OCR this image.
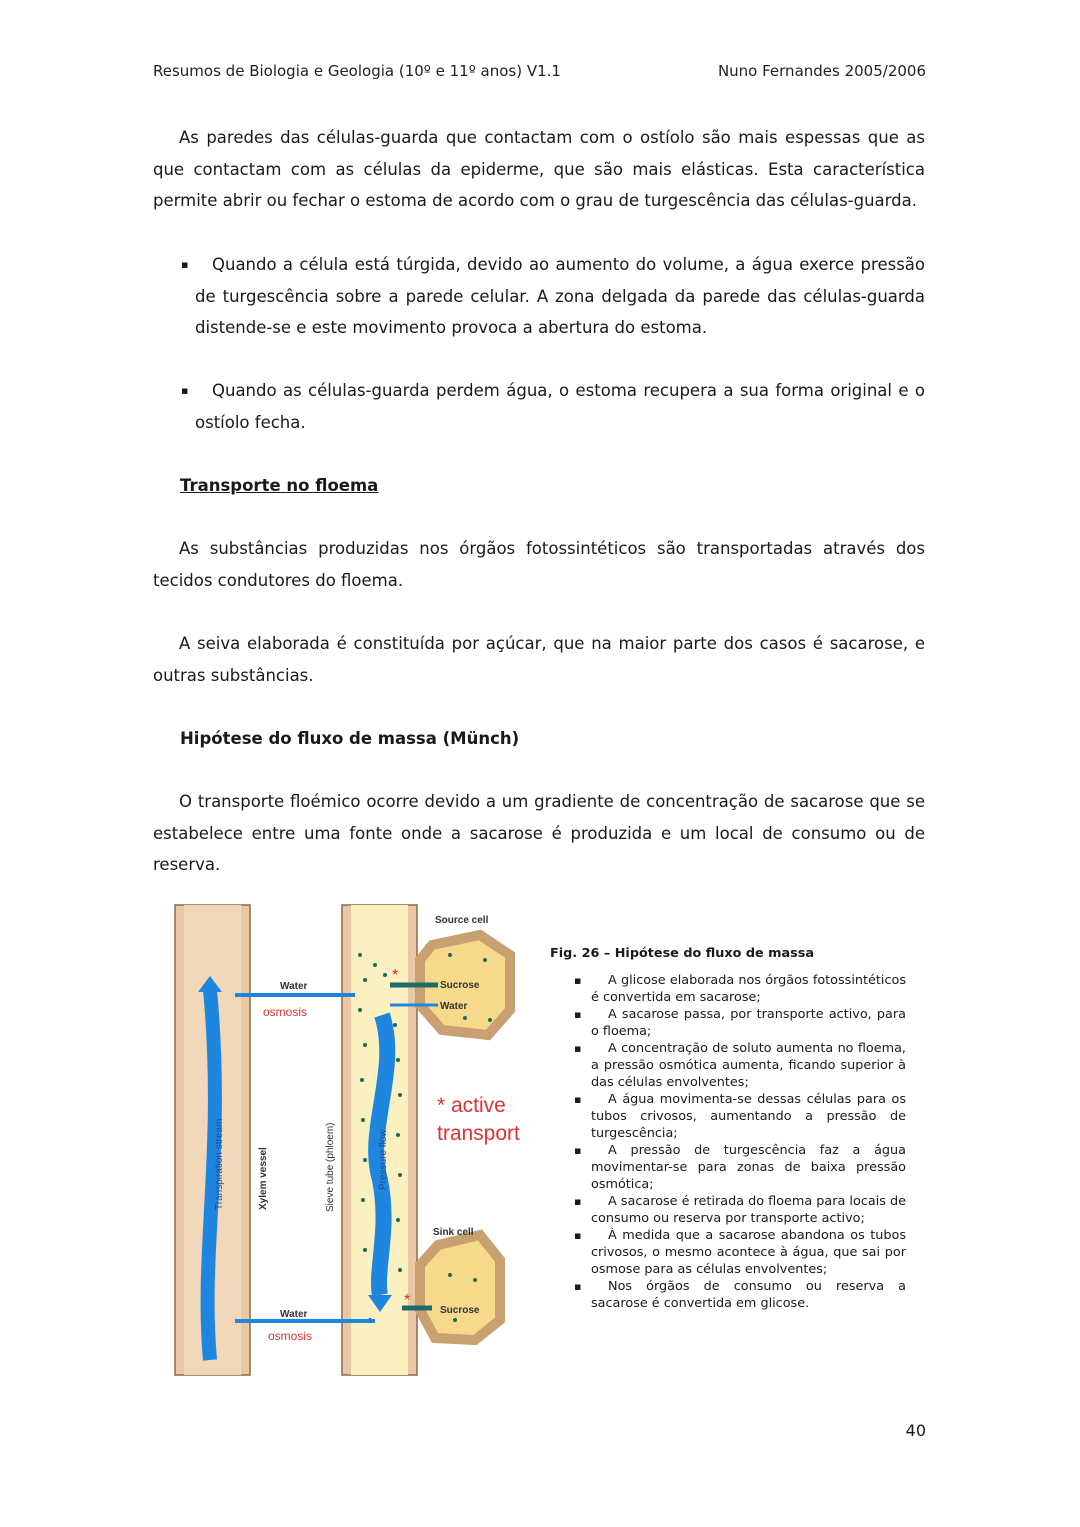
Resumos de Biologia e Geologia (10º e 11º anos) V1.1	Nuno Fernandes 2005/2006
As paredes das células-guarda que contactam com o ostíolo são mais espessas que as que contactam com as células da epiderme, que são mais elásticas. Esta característica permite abrir ou fechar o estoma de acordo com o grau de turgescência das células-guarda.
▪	Quando a célula está túrgida, devido ao aumento do volume, a água exerce pressão de turgescência sobre a parede celular. A zona delgada da parede das células-guarda distende-se e este movimento provoca a abertura do estoma.

▪	Quando as células-guarda perdem água, o estoma recupera a sua forma original e o ostíolo fecha.

Transporte no floema
As substâncias produzidas nos órgãos fotossintéticos são transportadas através dos tecidos condutores do floema.
A seiva elaborada é constituída por açúcar, que na maior parte dos casos é sacarose, e outras substâncias.
Hipótese do fluxo de massa (Münch)
O transporte floémico ocorre devido a um gradiente de concentração de sacarose que se estabelece entre uma fonte onde a sacarose é produzida e um local de consumo ou de reserva.
Source cell
Sink cell
Water
osmosis
Sucrose
Water
* active
transport
Water
osmosis
Sucrose
Xylem vessel	Sieve tube (phloem)
Transpiration stream	Pressure flow
*
*
Fig. 26 – Hipótese do fluxo de massa
▪ A glicose elaborada nos órgãos fotossintéticos é convertida em sacarose;
▪ A sacarose passa, por transporte activo, para o floema;
▪ A concentração de soluto aumenta no floema, a pressão osmótica aumenta, ficando superior à das células envolventes;
▪ A água movimenta-se dessas células para os tubos crivosos, aumentando a pressão de turgescência;
▪ A pressão de turgescência faz a água movimentar-se para zonas de baixa pressão osmótica;
▪ A sacarose é retirada do floema para locais de consumo ou reserva por transporte activo;
▪ À medida que a sacarose abandona os tubos crivosos, o mesmo acontece à água, que sai por osmose para as células envolventes;
▪ Nos órgãos de consumo ou reserva a sacarose é convertida em glicose.
40
